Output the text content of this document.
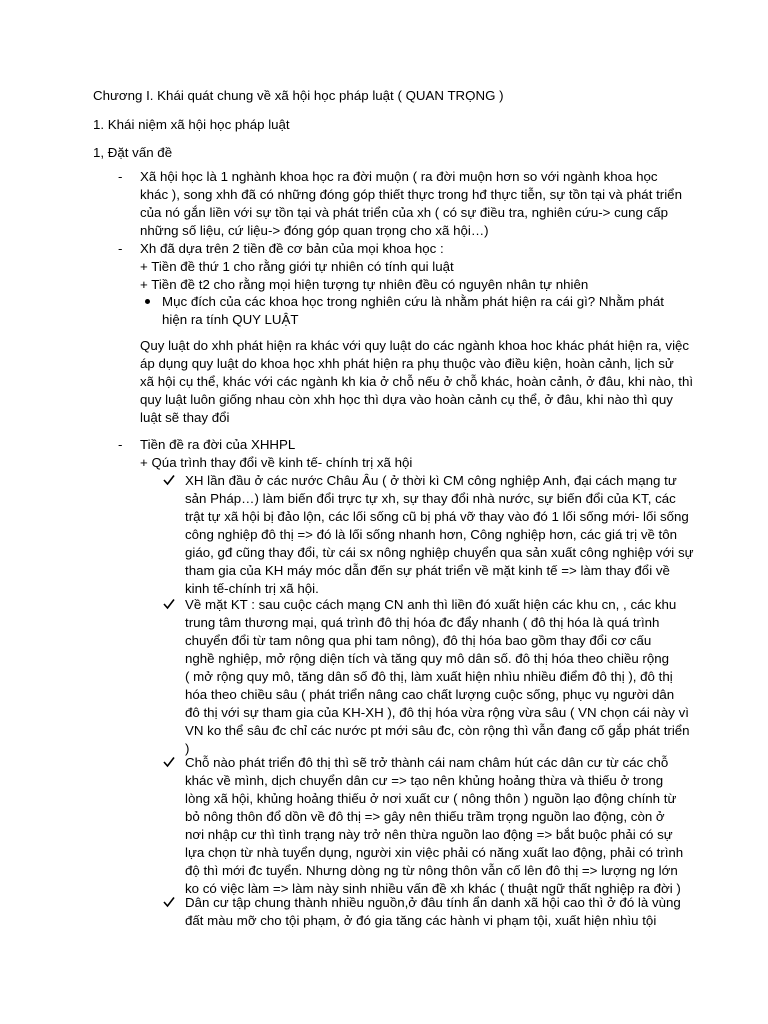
Chương I. Khái quát chung về xã hội học pháp luật ( QUAN TRỌNG )
1. Khái niệm xã hội học pháp luật
1, Đặt vấn đề
- Xã hội học là 1 nghành khoa học ra đời muộn ( ra đời muộn hơn so với ngành khoa học
khác ), song xhh đã có những đóng góp thiết thực trong hđ thực tiễn, sự tồn tại và phát triển
của nó gắn liền với sự tồn tại và phát triển của xh ( có sự điều tra, nghiên cứu-> cung cấp
những số liệu, cứ liệu-> đóng góp quan trọng cho xã hội…)
- Xh đã dựa trên 2 tiền đề cơ bản của mọi khoa học :
+ Tiền đề thứ 1 cho rằng giới tự nhiên có tính qui luật
+ Tiền đề t2 cho rằng mọi hiện tượng tự nhiên đều có nguyên nhân tự nhiên
Mục đích của các khoa học trong nghiên cứu là nhằm phát hiện ra cái gì? Nhằm phát
hiện ra tính QUY LUẬT
Quy luật do xhh phát hiện ra khác với quy luật do các ngành khoa hoc khác phát hiện ra, việc
áp dụng quy luật do khoa học xhh phát hiện ra phụ thuộc vào điều kiện, hoàn cảnh, lịch sử
xã hội cụ thể, khác với các ngành kh kia ở chỗ nếu ở chỗ khác, hoàn cảnh, ở đâu, khi nào, thì
quy luật luôn giống nhau còn xhh học thì dựa vào hoàn cảnh cụ thể, ở đâu, khi nào thì quy
luật sẽ thay đổi
- Tiền đề ra đời của XHHPL
+ Qúa trình thay đổi về kinh tế- chính trị xã hội
XH lần đầu ở các nước Châu Âu ( ở thời kì CM công nghiệp Anh, đại cách mạng tư
sản Pháp…) làm biến đổi trực tự xh, sự thay đổi nhà nước, sự biến đổi của KT, các
trật tự xã hội bị đảo lộn, các lối sống cũ bị phá vỡ thay vào đó 1 lối sống mới- lối sống
công nghiệp đô thị => đó là lối sống nhanh hơn, Công nghiệp hơn, các giá trị về tôn
giáo, gđ cũng thay đổi, từ cái sx nông nghiệp chuyển qua sản xuất công nghiệp với sự
tham gia của KH máy móc dẫn đến sự phát triển về mặt kinh tế => làm thay đổi về
kinh tế-chính trị xã hội.
Về mặt KT : sau cuộc cách mạng CN anh thì liền đó xuất hiện các khu cn, , các khu
trung tâm thương mại, quá trình đô thị hóa đc đẩy nhanh ( đô thị hóa là quá trình
chuyển đổi từ tam nông qua phi tam nông), đô thị hóa bao gồm thay đổi cơ cấu
nghề nghiệp, mở rộng diện tích và tăng quy mô dân số. đô thị hóa theo chiều rộng
( mở rộng quy mô, tăng dân số đô thị, làm xuất hiện nhìu nhiều điểm đô thị ), đô thị
hóa theo chiều sâu ( phát triển nâng cao chất lượng cuộc sống, phục vụ người dân
đô thị với sự tham gia của KH-XH ), đô thị hóa vừa rộng vừa sâu ( VN chọn cái này vì
VN ko thể sâu đc chỉ các nước pt mới sâu đc, còn rộng thì vẫn đang cố gắp phát triển
)
Chỗ nào phát triển đô thị thì sẽ trở thành cái nam châm hút các dân cư từ các chỗ
khác về mình, dịch chuyển dân cư => tạo nên khủng hoảng thừa và thiếu ở trong
lòng xã hội, khủng hoảng thiếu ở nơi xuất cư ( nông thôn ) nguồn lạo động chính từ
bỏ nông thôn đổ dồn về đô thị => gây nên thiếu trầm trọng nguồn lao động, còn ở
nơi nhập cư thì tình trạng này trở nên thừa nguồn lao động => bắt buộc phải có sự
lựa chọn từ nhà tuyển dụng, người xin việc phải có năng xuất lao động, phải có trình
độ thì mới đc tuyển. Nhưng dòng ng từ nông thôn vẫn cố lên đô thị => lượng ng lớn
ko có việc làm => làm này sinh nhiều vấn đề xh khác ( thuật ngữ thất nghiệp ra đời )
Dân cư tập chung thành nhiều nguồn,ở đâu tính ẩn danh xã hội cao thì ở đó là vùng
đất màu mỡ cho tội phạm, ở đó gia tăng các hành vi phạm tội, xuất hiện nhìu tội
